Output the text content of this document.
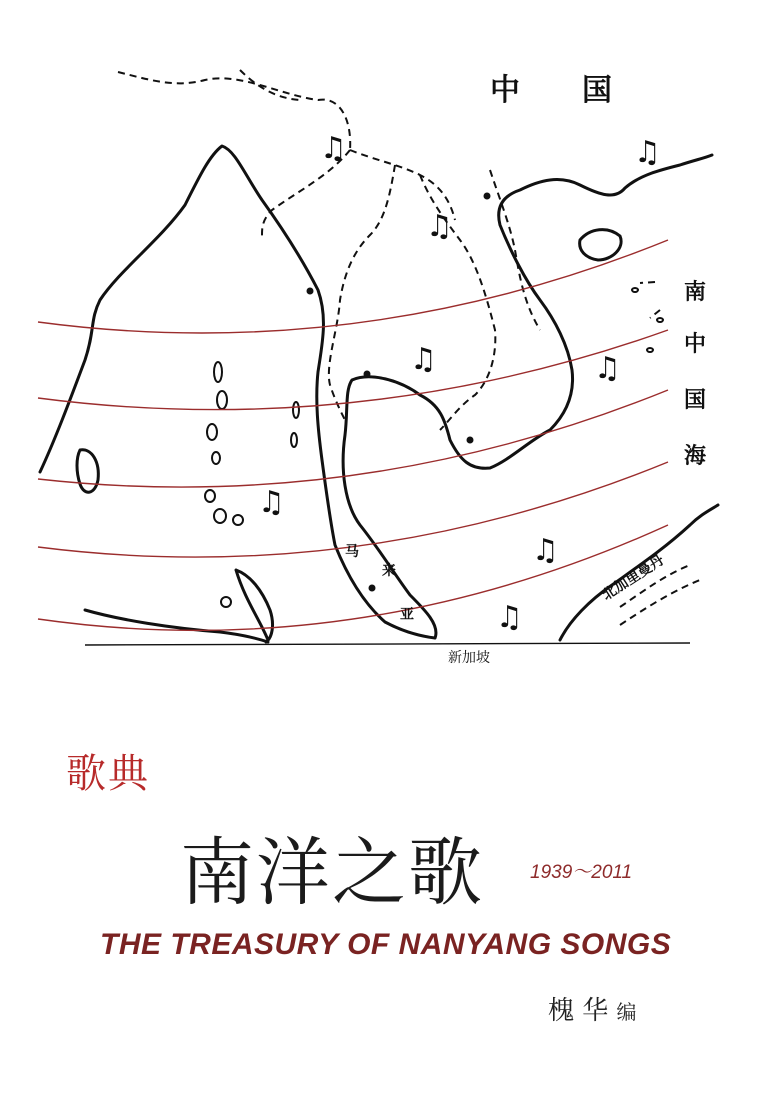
中国
南
中
国
海
马
来
亚
新加坡
北加里曼丹
♫	♫
♫
♫	♫
♫
♫
♫
歌典
南洋之歌 1939～2011
THE TREASURY OF NANYANG SONGS
槐 华 编
